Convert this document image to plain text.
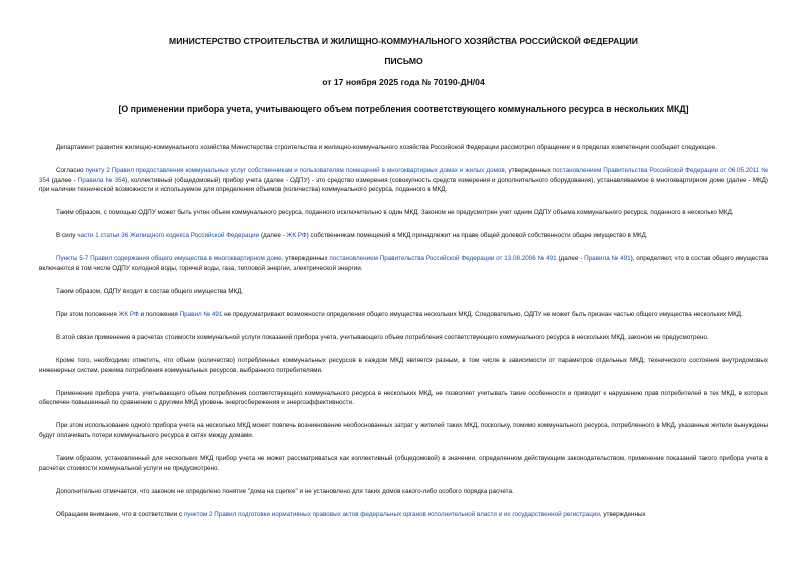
МИНИСТЕРСТВО СТРОИТЕЛЬСТВА И ЖИЛИЩНО-КОММУНАЛЬНОГО ХОЗЯЙСТВА РОССИЙСКОЙ ФЕДЕРАЦИИ
ПИСЬМО
от 17 ноября 2025 года № 70190-ДН/04
[О применении прибора учета, учитывающего объем потребления соответствующего коммунального ресурса в нескольких МКД]

Департамент развития жилищно-коммунального хозяйства Министерства строительства и жилищно-коммунального хозяйства Российской Федерации рассмотрел обращение и в пределах компетенции сообщает следующее.

Согласно пункту 2 Правил предоставления коммунальных услуг собственникам и пользователям помещений в многоквартирных домах и жилых домов, утвержденных постановлением Правительства Российской Федерации от 06.05.2011 № 354 (далее - Правила № 354), коллективный (общедомовый) прибор учета (далее - ОДПУ) - это средство измерения (совокупность средств измерения и дополнительного оборудования), устанавливаемое в многоквартирном доме (далее - МКД) при наличии технической возможности и используемое для определения объемов (количества) коммунального ресурса, поданного в МКД.

Таким образом, с помощью ОДПУ может быть учтен объем коммунального ресурса, поданного исключительно в один МКД. Законом не предусмотрен учет одним ОДПУ объема коммунального ресурса, поданного в несколько МКД.

В силу части 1 статьи 36 Жилищного кодекса Российской Федерации (далее - ЖК РФ) собственникам помещений в МКД принадлежит на праве общей долевой собственности общее имущество в МКД.

Пункты 5-7 Правил содержания общего имущества в многоквартирном доме, утвержденных постановлением Правительства Российской Федерации от 13.08.2006 № 491 (далее - Правила № 491), определяют, что в состав общего имущества включаются в том числе ОДПУ холодной воды, горячей воды, газа, тепловой энергии, электрической энергии.

Таким образом, ОДПУ входит в состав общего имущества МКД.

При этом положения ЖК РФ и положения Правил № 491 не предусматривают возможности определения общего имущества нескольких МКД. Следовательно, ОДПУ не может быть признан частью общего имущества нескольких МКД.

В этой связи применение в расчетах стоимости коммунальной услуги показаний прибора учета, учитывающего объем потребления соответствующего коммунального ресурса в нескольких МКД, законом не предусмотрено.

Кроме того, необходимо отметить, что объем (количество) потребленных коммунальных ресурсов в каждом МКД является разным, в том числе в зависимости от параметров отдельных МКД, технического состояния внутридомовых инженерных систем, режима потребления коммунальных ресурсов, выбранного потребителями.

Применение прибора учета, учитывающего объем потребления соответствующего коммунального ресурса в нескольких МКД, не позволяет учитывать такие особенности и приводит к нарушению прав потребителей в тех МКД, в которых обеспечен повышенный по сравнению с другими МКД уровень энергосбережения и энергоэффективности.

При этом использование одного прибора учета на несколько МКД может повлечь возникновение необоснованных затрат у жителей таких МКД, поскольку, помимо коммунального ресурса, потребленного в МКД, указанные жители вынуждены будут оплачивать потери коммунального ресурса в сетях между домами.

Таким образом, установленный для нескольких МКД прибор учета не может рассматриваться как коллективный (общедомовой) в значении, определенном действующим законодательством, применение показаний такого прибора учета в расчетах стоимости коммунальной услуги не предусмотрено.

Дополнительно отмечается, что законом не определено понятие "дома на сцепке" и не установлено для таких домов какого-либо особого порядка расчета.

Обращаем внимание, что в соответствии с пунктом 2 Правил подготовки нормативных правовых актов федеральных органов исполнительной власти и их государственной регистрации, утвержденных
